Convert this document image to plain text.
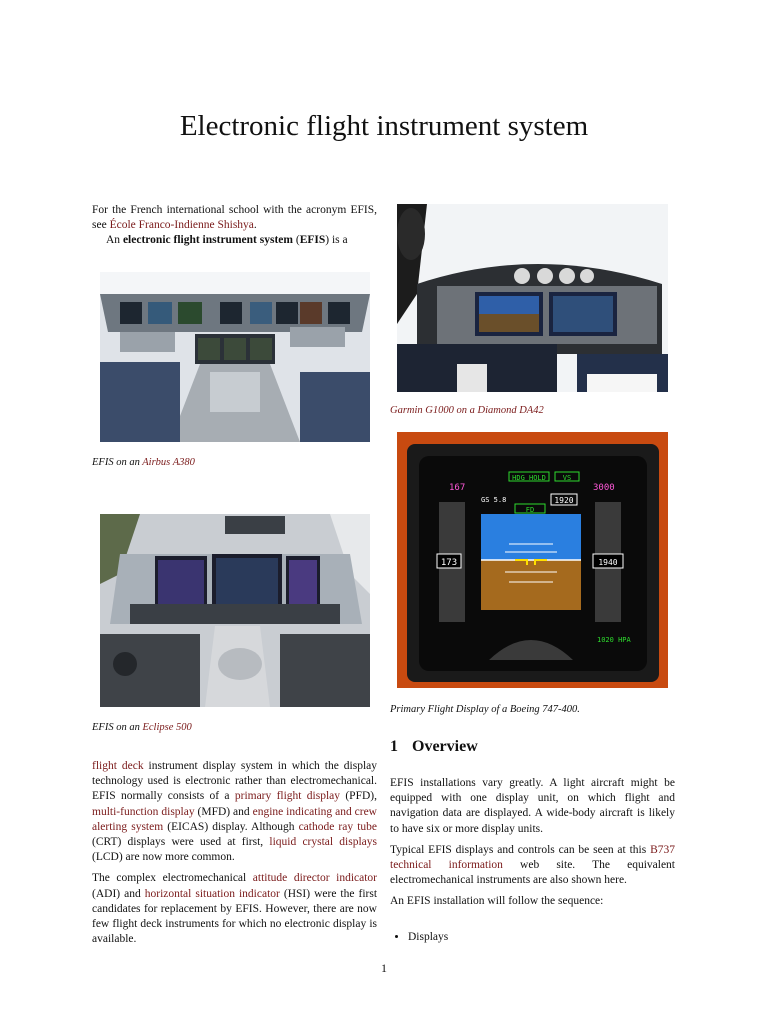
Electronic flight instrument system
For the French international school with the acronym EFIS, see École Franco-Indienne Shishya.
An electronic flight instrument system (EFIS) is a
EFIS on an Airbus A380
EFIS on an Eclipse 500

flight deck instrument display system in which the display technology used is electronic rather than electromechanical. EFIS normally consists of a primary flight display (PFD), multi-function display (MFD) and engine indicating and crew alerting system (EICAS) display. Although cathode ray tube (CRT) displays were used at first, liquid crystal displays (LCD) are now more common.

The complex electromechanical attitude director indicator (ADI) and horizontal situation indicator (HSI) were the first candidates for replacement by EFIS. However, there are now few flight deck instruments for which no electronic display is available.

Garmin G1000 on a Diamond DA42
HDG HOLD VS
167	3000
GS 5.8	1920
FD
173	1940
1020 HPA
Primary Flight Display of a Boeing 747-400.
1 Overview

EFIS installations vary greatly. A light aircraft might be equipped with one display unit, on which flight and navigation data are displayed. A wide-body aircraft is likely to have six or more display units.

Typical EFIS displays and controls can be seen at this B737 technical information web site. The equivalent electromechanical instruments are also shown here.

An EFIS installation will follow the sequence:

• Displays
1
